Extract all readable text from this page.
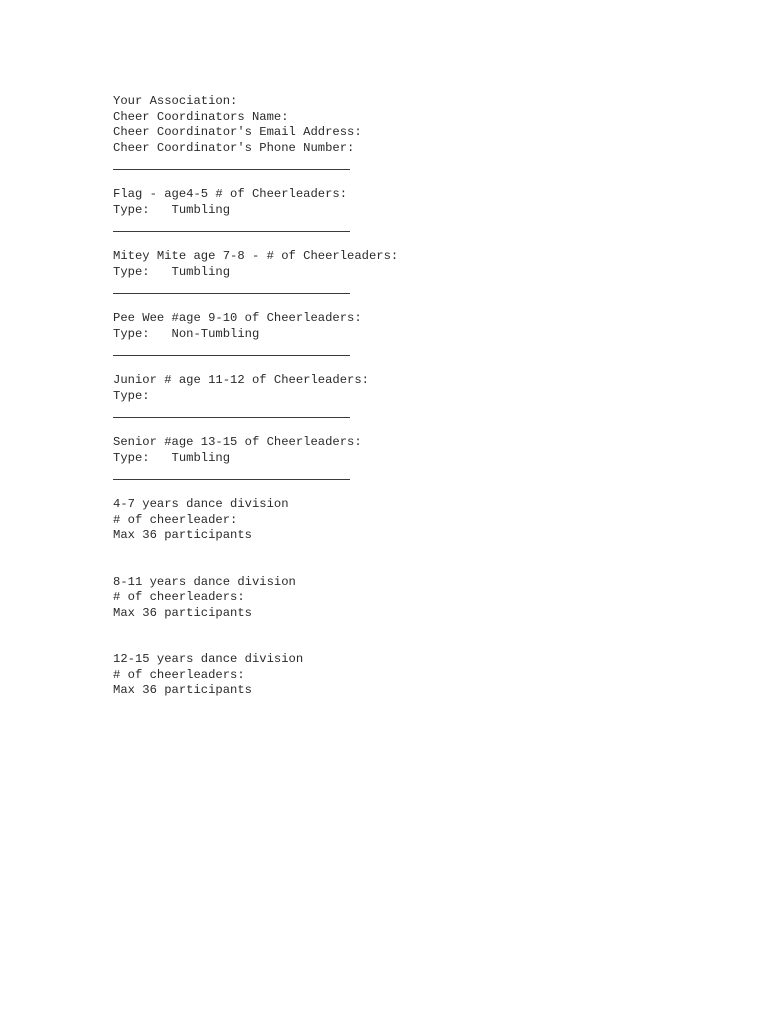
Your Association:
Cheer Coordinators Name:
Cheer Coordinator's Email Address:
Cheer Coordinator's Phone Number:
Flag - age4-5 # of Cheerleaders:
Type:   Tumbling
Mitey Mite age 7-8 - # of Cheerleaders:
Type:   Tumbling
Pee Wee #age 9-10 of Cheerleaders:
Type:   Non-Tumbling
Junior # age 11-12 of Cheerleaders:
Type:
Senior #age 13-15 of Cheerleaders:
Type:   Tumbling
4-7 years dance division
# of cheerleader:
Max 36 participants
8-11 years dance division
# of cheerleaders:
Max 36 participants
12-15 years dance division
# of cheerleaders:
Max 36 participants
